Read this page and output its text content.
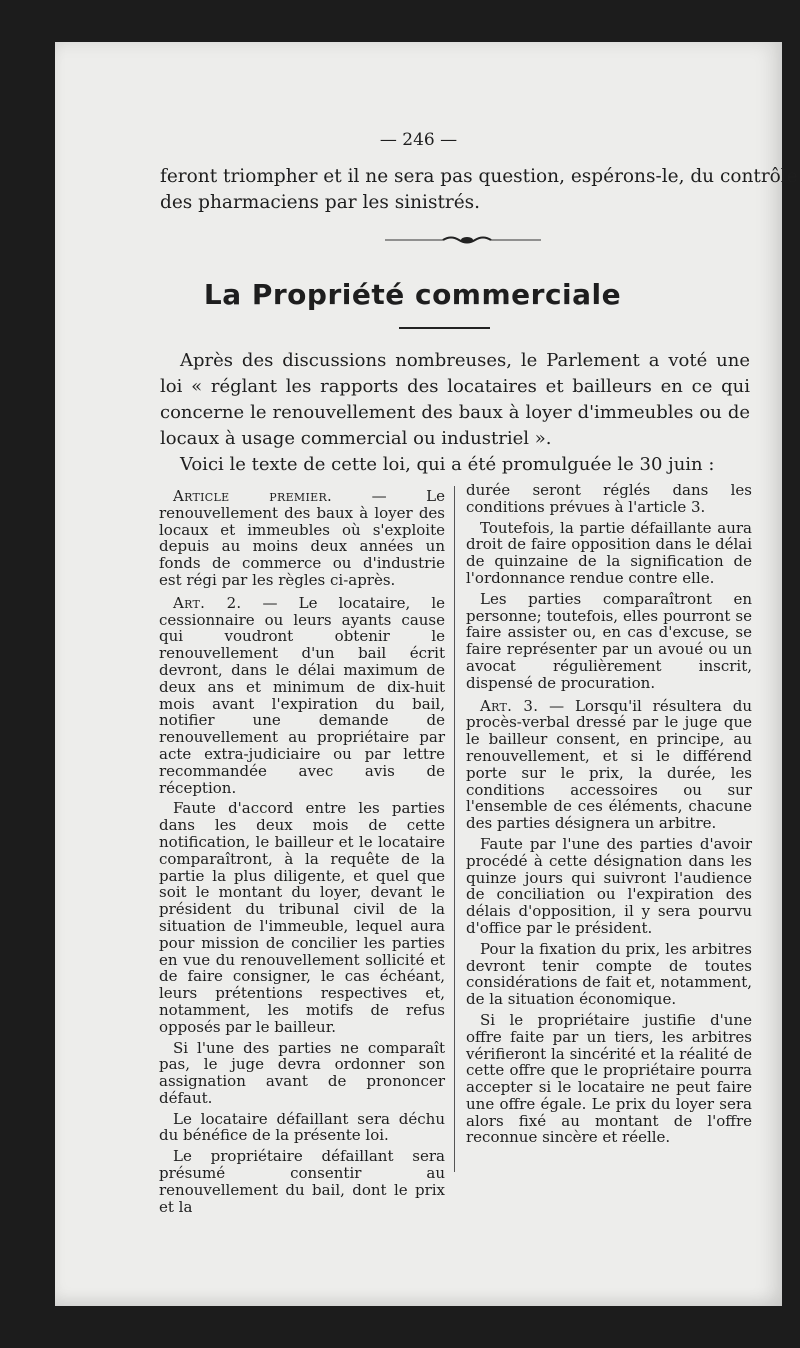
— 246 —
feront triompher et il ne sera pas question, espérons-le, du contrôle
des pharmaciens par les sinistrés.
La Propriété commerciale

Après des discussions nombreuses, le Parlement a voté une loi « réglant les rapports des locataires et bailleurs en ce qui concerne le renouvellement des baux à loyer d'immeubles ou de locaux à usage commercial ou industriel ».

Voici le texte de cette loi, qui a été promulguée le 30 juin :

Article premier. — Le renouvellement des baux à loyer des locaux et immeubles où s'exploite depuis au moins deux années un fonds de commerce ou d'industrie est régi par les règles ci-après.

Art. 2. — Le locataire, le cessionnaire ou leurs ayants cause qui voudront obtenir le renouvellement d'un bail écrit devront, dans le délai maximum de deux ans et minimum de dix-huit mois avant l'expiration du bail, notifier une demande de renouvellement au propriétaire par acte extra-judiciaire ou par lettre recommandée avec avis de réception.

Faute d'accord entre les parties dans les deux mois de cette notification, le bailleur et le locataire comparaîtront, à la requête de la partie la plus diligente, et quel que soit le montant du loyer, devant le président du tribunal civil de la situation de l'immeuble, lequel aura pour mission de concilier les parties en vue du renouvellement sollicité et de faire consigner, le cas échéant, leurs prétentions respectives et, notamment, les motifs de refus opposés par le bailleur.

Si l'une des parties ne comparaît pas, le juge devra ordonner son assignation avant de prononcer défaut.

Le locataire défaillant sera déchu du bénéfice de la présente loi.

Le propriétaire défaillant sera présumé consentir au renouvellement du bail, dont le prix et la

durée seront réglés dans les conditions prévues à l'article 3.

Toutefois, la partie défaillante aura droit de faire opposition dans le délai de quinzaine de la signification de l'ordonnance rendue contre elle.

Les parties comparaîtront en personne; toutefois, elles pourront se faire assister ou, en cas d'excuse, se faire représenter par un avoué ou un avocat régulièrement inscrit, dispensé de procuration.

Art. 3. — Lorsqu'il résultera du procès-verbal dressé par le juge que le bailleur consent, en principe, au renouvellement, et si le différend porte sur le prix, la durée, les conditions accessoires ou sur l'ensemble de ces éléments, chacune des parties désignera un arbitre.

Faute par l'une des parties d'avoir procédé à cette désignation dans les quinze jours qui suivront l'audience de conciliation ou l'expiration des délais d'opposition, il y sera pourvu d'office par le président.

Pour la fixation du prix, les arbitres devront tenir compte de toutes considérations de fait et, notamment, de la situation économique.

Si le propriétaire justifie d'une offre faite par un tiers, les arbitres vérifieront la sincérité et la réalité de cette offre que le propriétaire pourra accepter si le locataire ne peut faire une offre égale. Le prix du loyer sera alors fixé au montant de l'offre reconnue sincère et réelle.
